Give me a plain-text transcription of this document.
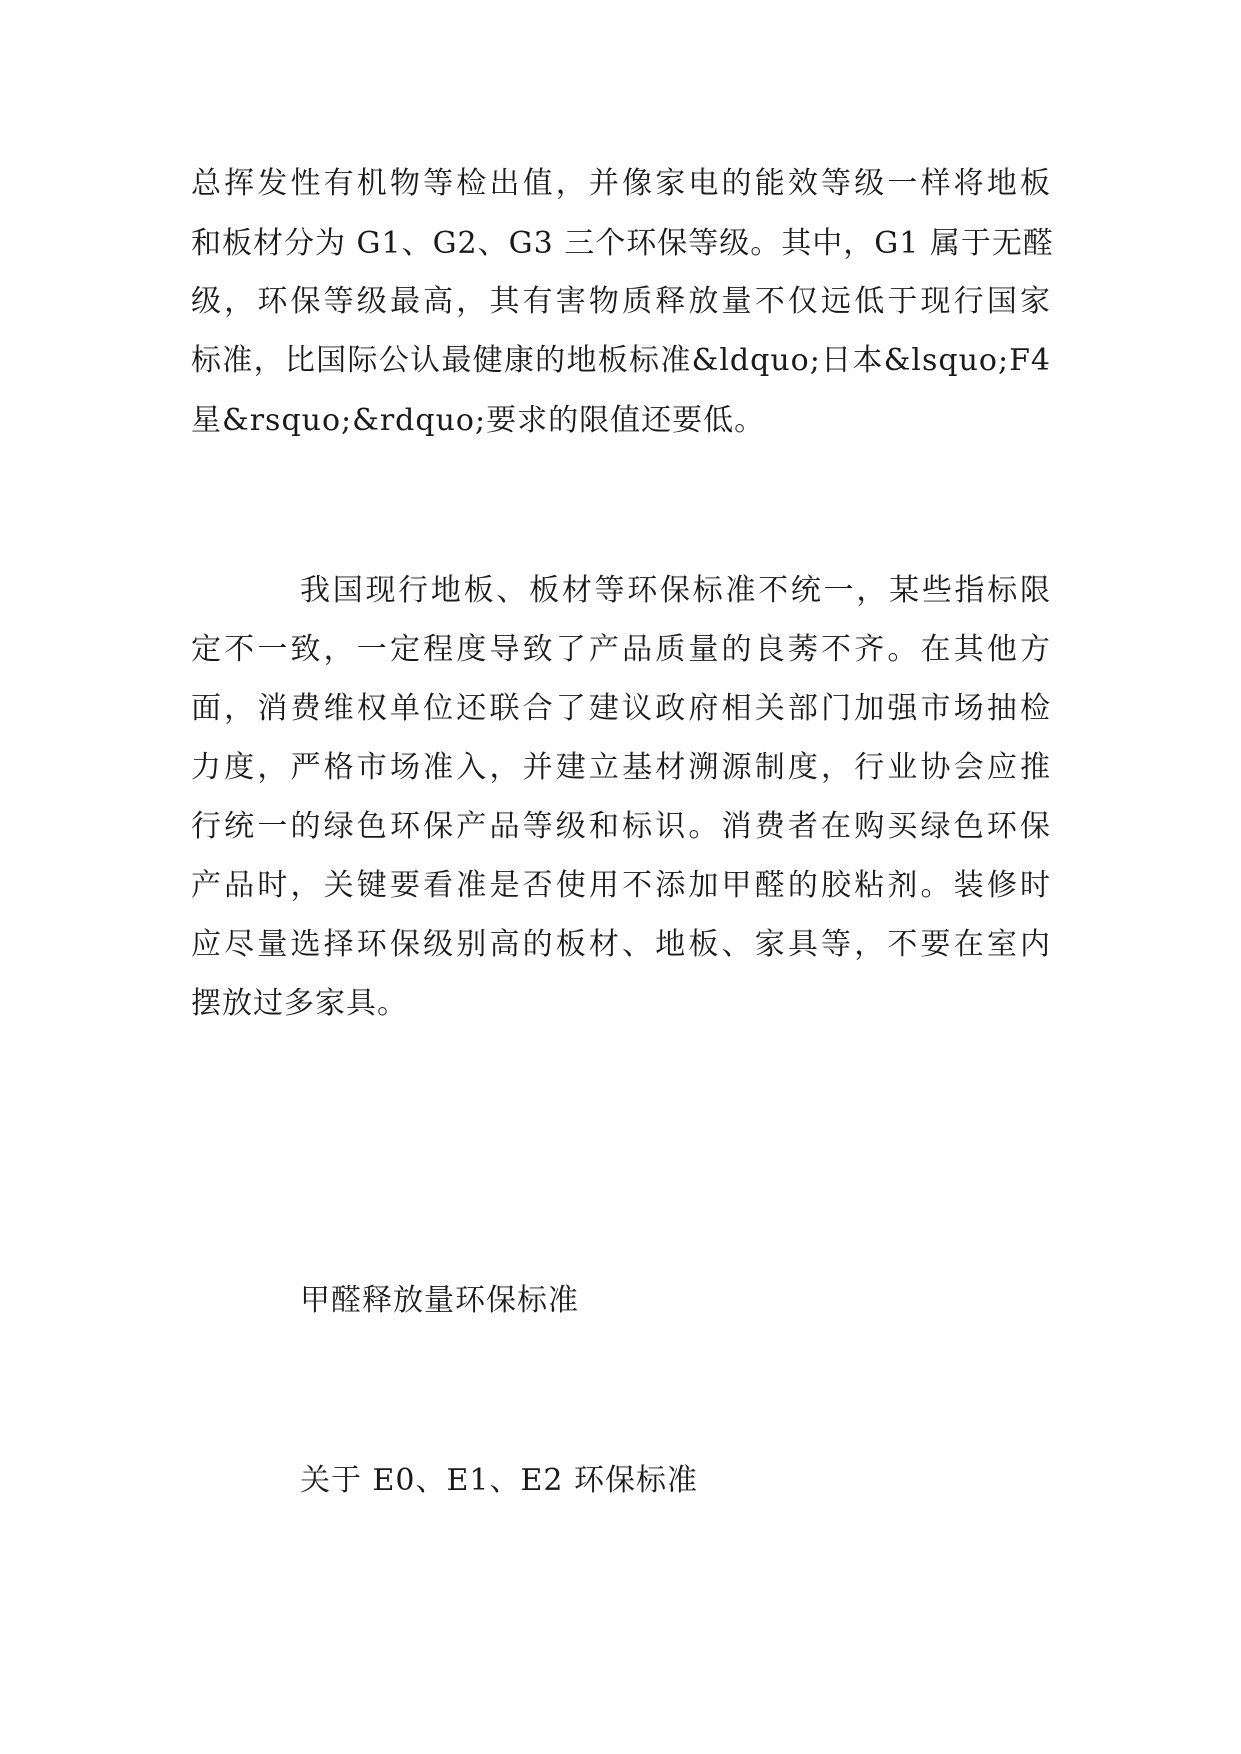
总挥发性有机物等检出值，并像家电的能效等级一样将地板
和板材分为 G1、G2、G3 三个环保等级。其中，G1 属于无醛
级，环保等级最高，其有害物质释放量不仅远低于现行国家
标准，比国际公认最健康的地板标准&ldquo;日本&lsquo;F4
星&rsquo;&rdquo;要求的限值还要低。
我国现行地板、板材等环保标准不统一，某些指标限
定不一致，一定程度导致了产品质量的良莠不齐。在其他方
面，消费维权单位还联合了建议政府相关部门加强市场抽检
力度，严格市场准入，并建立基材溯源制度，行业协会应推
行统一的绿色环保产品等级和标识。消费者在购买绿色环保
产品时，关键要看准是否使用不添加甲醛的胶粘剂。装修时
应尽量选择环保级别高的板材、地板、家具等，不要在室内
摆放过多家具。
甲醛释放量环保标准
关于 E0、E1、E2 环保标准
